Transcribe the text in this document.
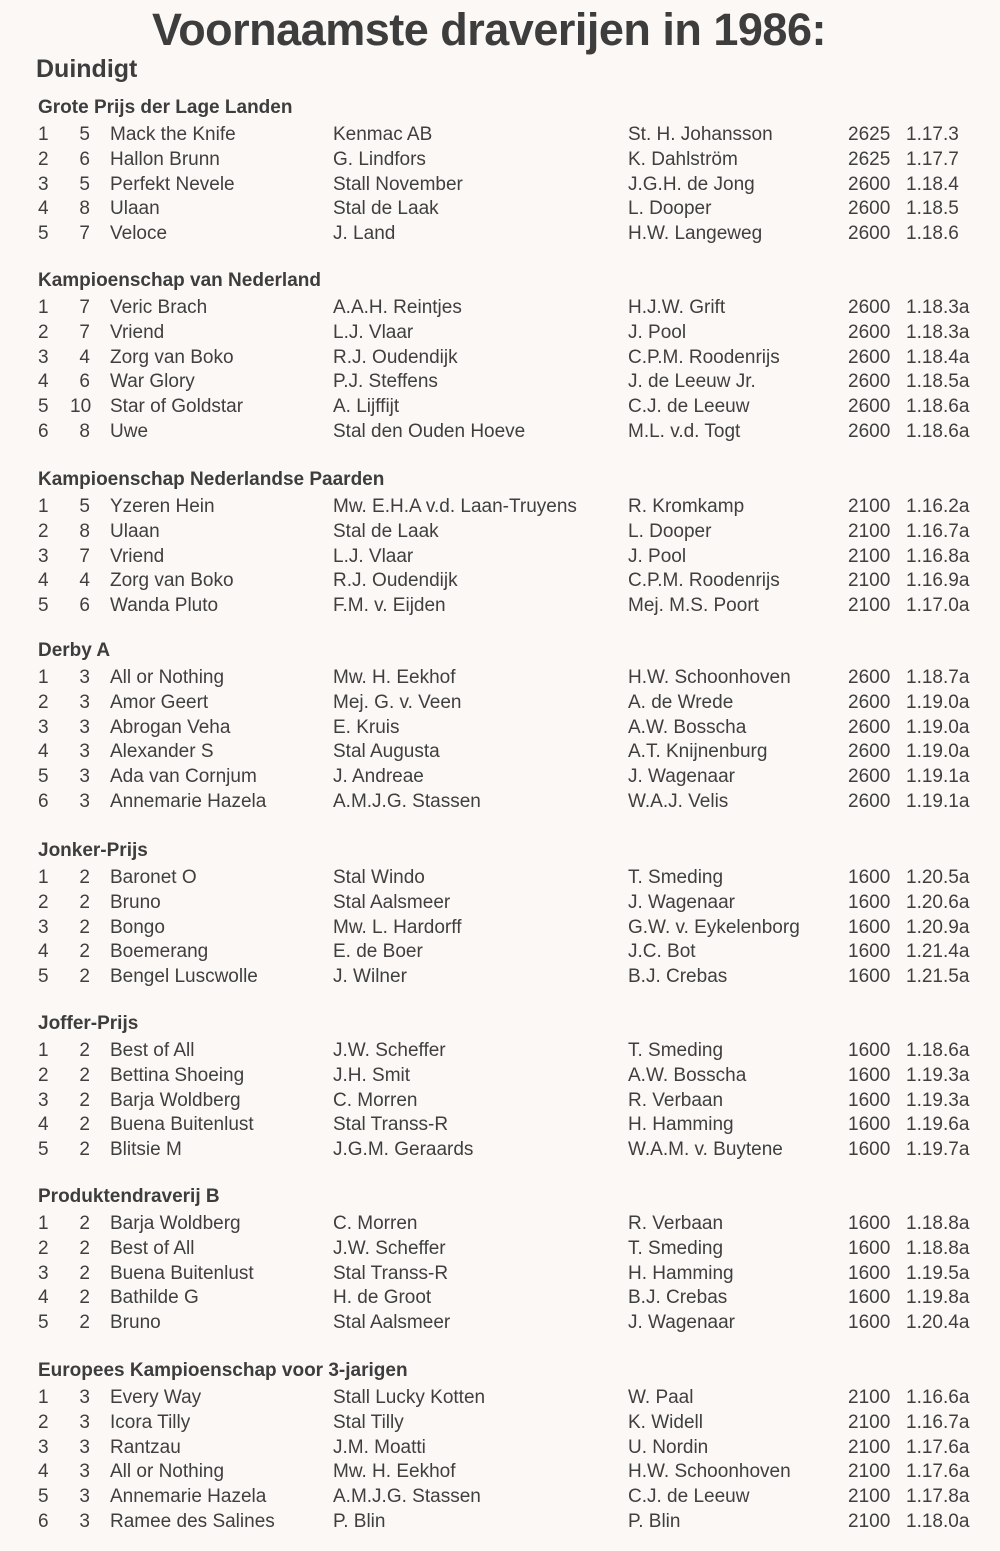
Voornaamste draverijen in 1986:
Duindigt
Grote Prijs der Lage Landen
1	5 Mack the Knife	Kenmac AB	St. H. Johansson	2625 1.17.3
2	6 Hallon Brunn	G. Lindfors	K. Dahlström	2625 1.17.7
3	5 Perfekt Nevele	Stall November	J.G.H. de Jong	2600 1.18.4
4	8 Ulaan	Stal de Laak	L. Dooper	2600 1.18.5
5	7 Veloce	J. Land	H.W. Langeweg	2600 1.18.6
Kampioenschap van Nederland
1	7 Veric Brach	A.A.H. Reintjes	H.J.W. Grift	2600 1.18.3a
2	7 Vriend	L.J. Vlaar	J. Pool	2600 1.18.3a
3	4 Zorg van Boko	R.J. Oudendijk	C.P.M. Roodenrijs	2600 1.18.4a
4	6 War Glory	P.J. Steffens	J. de Leeuw Jr.	2600 1.18.5a
5 10 Star of Goldstar	A. Lijffijt	C.J. de Leeuw	2600 1.18.6a
6	8 Uwe	Stal den Ouden Hoeve	M.L. v.d. Togt	2600 1.18.6a
Kampioenschap Nederlandse Paarden
1	5 Yzeren Hein	Mw. E.H.A v.d. Laan-Truyens	R. Kromkamp	2100 1.16.2a
2	8 Ulaan	Stal de Laak	L. Dooper	2100 1.16.7a
3	7 Vriend	L.J. Vlaar	J. Pool	2100 1.16.8a
4	4 Zorg van Boko	R.J. Oudendijk	C.P.M. Roodenrijs	2100 1.16.9a
5	6 Wanda Pluto	F.M. v. Eijden	Mej. M.S. Poort	2100 1.17.0a
Derby A
1	3 All or Nothing	Mw. H. Eekhof	H.W. Schoonhoven	2600 1.18.7a
2	3 Amor Geert	Mej. G. v. Veen	A. de Wrede	2600 1.19.0a
3	3 Abrogan Veha	E. Kruis	A.W. Bosscha	2600 1.19.0a
4	3 Alexander S	Stal Augusta	A.T. Knijnenburg	2600 1.19.0a
5	3 Ada van Cornjum	J. Andreae	J. Wagenaar	2600 1.19.1a
6	3 Annemarie Hazela	A.M.J.G. Stassen	W.A.J. Velis	2600 1.19.1a
Jonker-Prijs
1	2 Baronet O	Stal Windo	T. Smeding	1600 1.20.5a
2	2 Bruno	Stal Aalsmeer	J. Wagenaar	1600 1.20.6a
3	2 Bongo	Mw. L. Hardorff	G.W. v. Eykelenborg	1600 1.20.9a
4	2 Boemerang	E. de Boer	J.C. Bot	1600 1.21.4a
5	2 Bengel Luscwolle	J. Wilner	B.J. Crebas	1600 1.21.5a
Joffer-Prijs
1	2 Best of All	J.W. Scheffer	T. Smeding	1600 1.18.6a
2	2 Bettina Shoeing	J.H. Smit	A.W. Bosscha	1600 1.19.3a
3	2 Barja Woldberg	C. Morren	R. Verbaan	1600 1.19.3a
4	2 Buena Buitenlust	Stal Transs-R	H. Hamming	1600 1.19.6a
5	2 Blitsie M	J.G.M. Geraards	W.A.M. v. Buytene	1600 1.19.7a
Produktendraverij B
1	2 Barja Woldberg	C. Morren	R. Verbaan	1600 1.18.8a
2	2 Best of All	J.W. Scheffer	T. Smeding	1600 1.18.8a
3	2 Buena Buitenlust	Stal Transs-R	H. Hamming	1600 1.19.5a
4	2 Bathilde G	H. de Groot	B.J. Crebas	1600 1.19.8a
5	2 Bruno	Stal Aalsmeer	J. Wagenaar	1600 1.20.4a
Europees Kampioenschap voor 3-jarigen
1	3 Every Way	Stall Lucky Kotten	W. Paal	2100 1.16.6a
2	3 Icora Tilly	Stal Tilly	K. Widell	2100 1.16.7a
3	3 Rantzau	J.M. Moatti	U. Nordin	2100 1.17.6a
4	3 All or Nothing	Mw. H. Eekhof	H.W. Schoonhoven	2100 1.17.6a
5	3 Annemarie Hazela	A.M.J.G. Stassen	C.J. de Leeuw	2100 1.17.8a
6	3 Ramee des Salines	P. Blin	P. Blin	2100 1.18.0a
